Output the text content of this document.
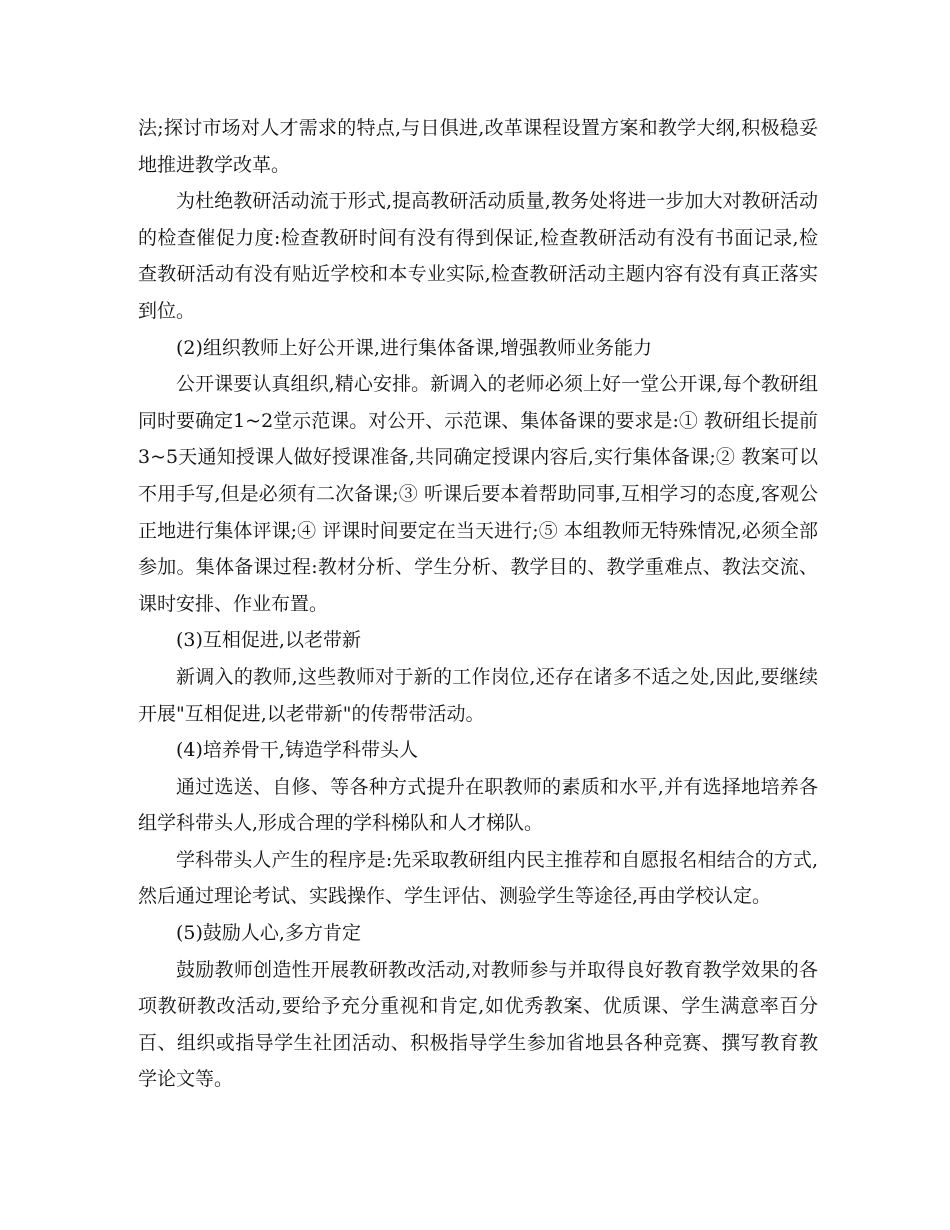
法;探讨市场对人才需求的特点,与日俱进,改革课程设置方案和教学大纲,积极稳妥地推进教学改革。

为杜绝教研活动流于形式,提高教研活动质量,教务处将进一步加大对教研活动的检查催促力度:检查教研时间有没有得到保证,检查教研活动有没有书面记录,检查教研活动有没有贴近学校和本专业实际,检查教研活动主题内容有没有真正落实到位。

(2)组织教师上好公开课,进行集体备课,增强教师业务能力

公开课要认真组织,精心安排。新调入的老师必须上好一堂公开课,每个教研组同时要确定1~2堂示范课。对公开、示范课、集体备课的要求是:① 教研组长提前3~5天通知授课人做好授课准备,共同确定授课内容后,实行集体备课;② 教案可以不用手写,但是必须有二次备课;③ 听课后要本着帮助同事,互相学习的态度,客观公正地进行集体评课;④ 评课时间要定在当天进行;⑤ 本组教师无特殊情况,必须全部参加。集体备课过程:教材分析、学生分析、教学目的、教学重难点、教法交流、课时安排、作业布置。

(3)互相促进,以老带新

新调入的教师,这些教师对于新的工作岗位,还存在诸多不适之处,因此,要继续开展"互相促进,以老带新"的传帮带活动。

(4)培养骨干,铸造学科带头人

通过选送、自修、等各种方式提升在职教师的素质和水平,并有选择地培养各组学科带头人,形成合理的学科梯队和人才梯队。

学科带头人产生的程序是:先采取教研组内民主推荐和自愿报名相结合的方式,然后通过理论考试、实践操作、学生评估、测验学生等途径,再由学校认定。

(5)鼓励人心,多方肯定

鼓励教师创造性开展教研教改活动,对教师参与并取得良好教育教学效果的各项教研教改活动,要给予充分重视和肯定,如优秀教案、优质课、学生满意率百分百、组织或指导学生社团活动、积极指导学生参加省地县各种竞赛、撰写教育教学论文等。
